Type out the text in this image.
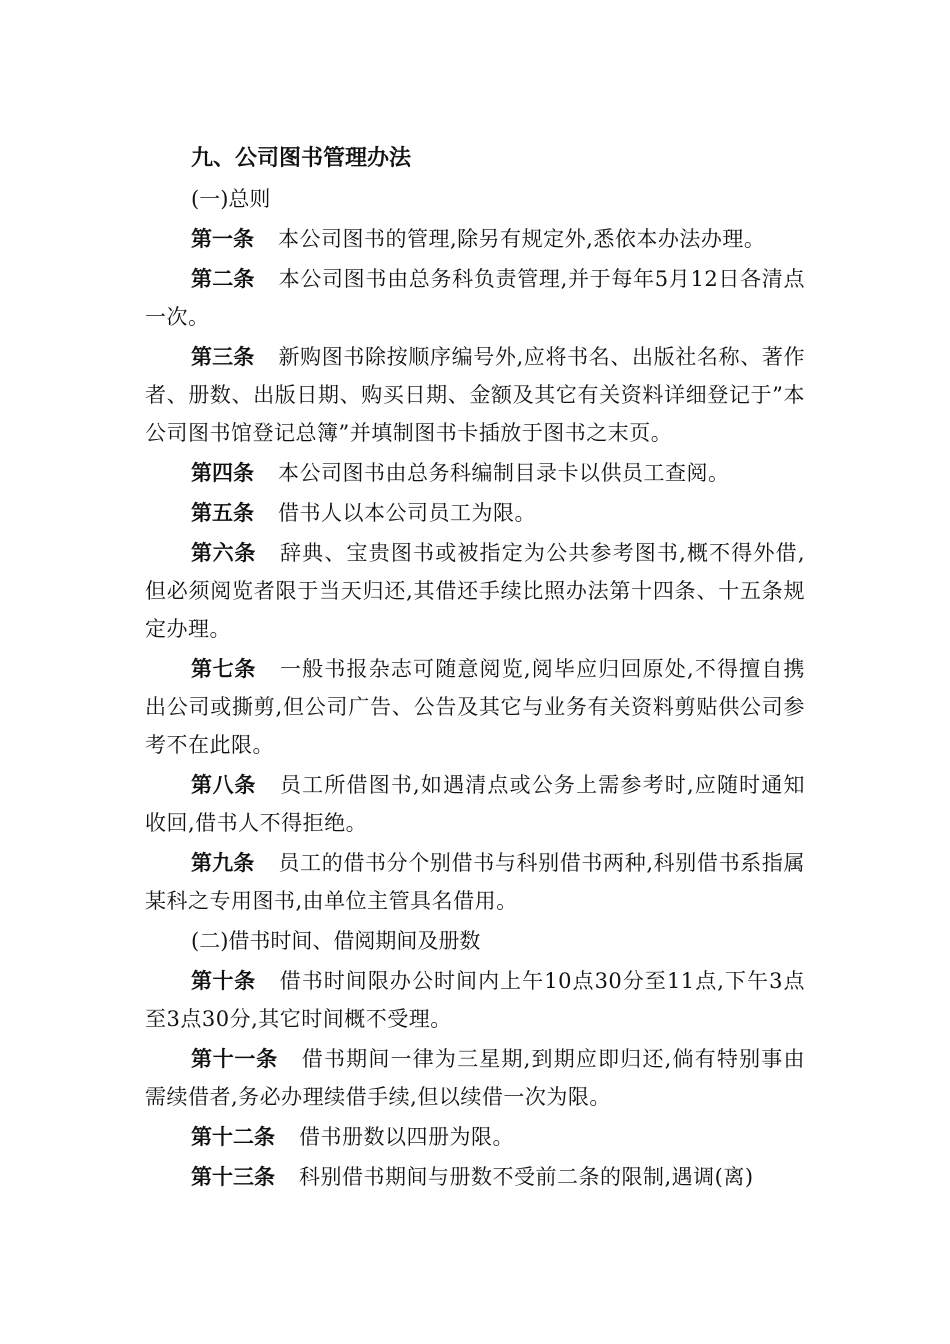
九、公司图书管理办法
(一)总则
第一条 本公司图书的管理,除另有规定外,悉依本办法办理。
第二条 本公司图书由总务科负责管理,并于每年5月12日各清点一次。
第三条 新购图书除按顺序编号外,应将书名、出版社名称、著作者、册数、出版日期、购买日期、金额及其它有关资料详细登记于”本公司图书馆登记总簿”并填制图书卡插放于图书之末页。
第四条 本公司图书由总务科编制目录卡以供员工查阅。
第五条 借书人以本公司员工为限。
第六条 辞典、宝贵图书或被指定为公共参考图书,概不得外借,但必须阅览者限于当天归还,其借还手续比照办法第十四条、十五条规定办理。
第七条 一般书报杂志可随意阅览,阅毕应归回原处,不得擅自携出公司或撕剪,但公司广告、公告及其它与业务有关资料剪贴供公司参考不在此限。
第八条 员工所借图书,如遇清点或公务上需参考时,应随时通知收回,借书人不得拒绝。
第九条 员工的借书分个别借书与科别借书两种,科别借书系指属某科之专用图书,由单位主管具名借用。
(二)借书时间、借阅期间及册数
第十条 借书时间限办公时间内上午10点30分至11点,下午3点至3点30分,其它时间概不受理。
第十一条 借书期间一律为三星期,到期应即归还,倘有特别事由需续借者,务必办理续借手续,但以续借一次为限。
第十二条 借书册数以四册为限。
第十三条 科别借书期间与册数不受前二条的限制,遇调(离)
